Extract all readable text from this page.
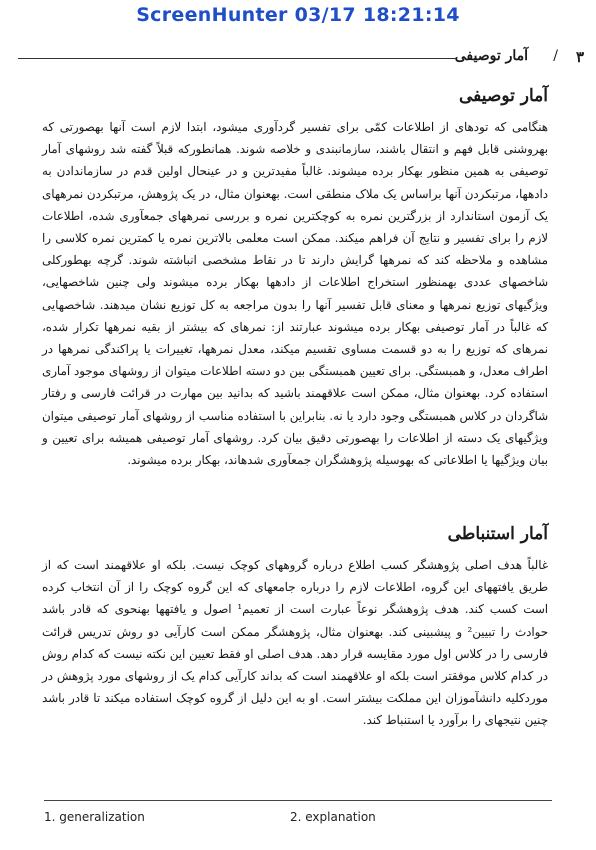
ScreenHunter 03/17 18:21:14
۳
/
آمار توصیفی
آمار توصیفی

هنگامی که تودهای از اطلاعات کمّی برای تفسیر گردآوری میشود، ابتدا لازم است آنها بهصورتی که بهروشنی قابل فهم و انتقال باشند، سازمانبندی و خلاصه شوند. همانطورکه قبلاً گفته شد روشهای آمار توصیفی به همین منظور بهکار برده میشوند. غالباً مفیدترین و در عینحال اولین قدم در سازماندادن به دادهها، مرتبکردن آنها براساس یک ملاک منطقی است. بهعنوان مثال، در یک پژوهش، مرتبکردن نمرههای یک آزمون استاندارد از بزرگترین نمره به کوچکترین نمره و بررسی نمرههای جمعآوری شده، اطلاعات لازم را برای تفسیر و نتایج آن فراهم میکند. ممکن است معلمی بالاترین نمره یا کمترین نمره کلاسی را مشاهده و ملاحظه کند که نمرهها گرایش دارند تا در نقاط مشخصی انباشته شوند. گرچه بهطورکلی شاخصهای عددی بهمنظور استخراج اطلاعات از دادهها بهکار برده میشوند ولی چنین شاخصهایی، ویژگیهای توزیع نمرهها و معنای قابل تفسیر آنها را بدون مراجعه به کل توزیع نشان میدهند. شاخصهایی که غالباً در آمار توصیفی بهکار برده میشوند عبارتند از: نمرهای که بیشتر از بقیه نمرهها تکرار شده، نمرهای که توزیع را به دو قسمت مساوی تقسیم میکند، معدل نمرهها، تغییرات یا پراکندگی نمرهها در اطراف معدل، و همبستگی. برای تعیین همبستگی بین دو دسته اطلاعات میتوان از روشهای موجود آماری استفاده کرد. بهعنوان مثال، ممکن است علاقهمند باشید که بدانید بین مهارت در قرائت فارسی و رفتار شاگردان در کلاس همبستگی وجود دارد یا نه. بنابراین با استفاده مناسب از روشهای آمار توصیفی میتوان ویژگیهای یک دسته از اطلاعات را بهصورتی دقیق بیان کرد. روشهای آمار توصیفی همیشه برای تعیین و بیان ویژگیها یا اطلاعاتی که بهوسیله پژوهشگران جمعآوری شدهاند، بهکار برده میشوند.

آمار استنباطی

غالباً هدف اصلی پژوهشگر کسب اطلاع درباره گروههای کوچک نیست. بلکه او علاقهمند است که از طریق یافتههای این گروه، اطلاعات لازم را درباره جامعهای که این گروه کوچک را از آن انتخاب کرده است کسب کند. هدف پژوهشگر نوعاً عبارت است از تعمیم¹ اصول و یافتهها بهنحوی که قادر باشد حوادث را تبیین² و پیشبینی کند. بهعنوان مثال، پژوهشگر ممکن است کارآیی دو روش تدریس قرائت فارسی را در کلاس اول مورد مقایسه قرار دهد. هدف اصلی او فقط تعیین این نکته نیست که کدام روش در کدام کلاس موفقتر است بلکه او علاقهمند است که بداند کارآیی کدام یک از روشهای مورد پژوهش در موردکلیه دانشآموزان این مملکت بیشتر است. او به این دلیل از گروه کوچک استفاده میکند تا قادر باشد چنین نتیجهای را برآورد یا استنباط کند.

1. generalization	2. explanation
